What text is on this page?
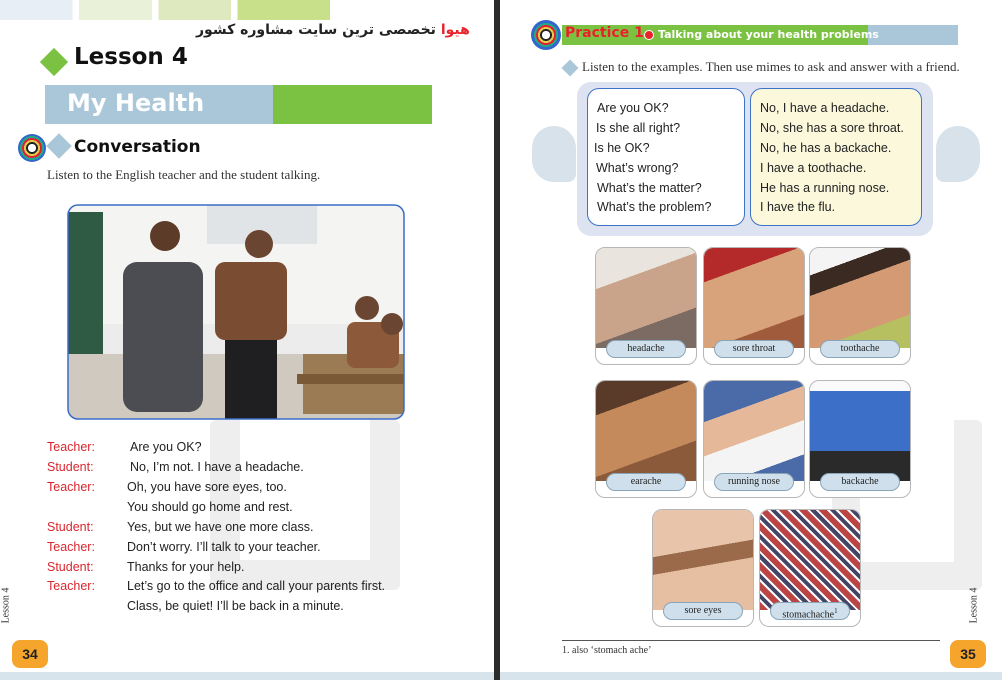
هیوا تخصصی ترین سایت مشاوره کشور
Lesson 4
My Health
Conversation
Listen to the English teacher and the student talking.
Teacher:	Are you OK?
Student:	No, I’m not. I have a headache.
Teacher:	Oh, you have sore eyes, too.
You should go home and rest.
Student:	Yes, but we have one more class.
Teacher:	Don’t worry. I’ll talk to your teacher.
Student:	Thanks for your help.
Teacher:	Let’s go to the office and call your parents first.
Class, be quiet! I’ll be back in a minute.
Lesson 4
34
Practice 1 Talking about your health problems
Listen to the examples. Then use mimes to ask and answer with a friend.
Are you OK?
Is she all right?
Is he OK?
What’s wrong?
What’s the matter?
What’s the problem?
No, I have a headache.
No, she has a sore throat.
No, he has a backache.
I have a toothache.
He has a running nose.
I have the flu.
headache	sore throat	toothache
earache	running nose	backache
sore eyes	stomachache$^1$
1. also ‘stomach ache’
Lesson 4
35
